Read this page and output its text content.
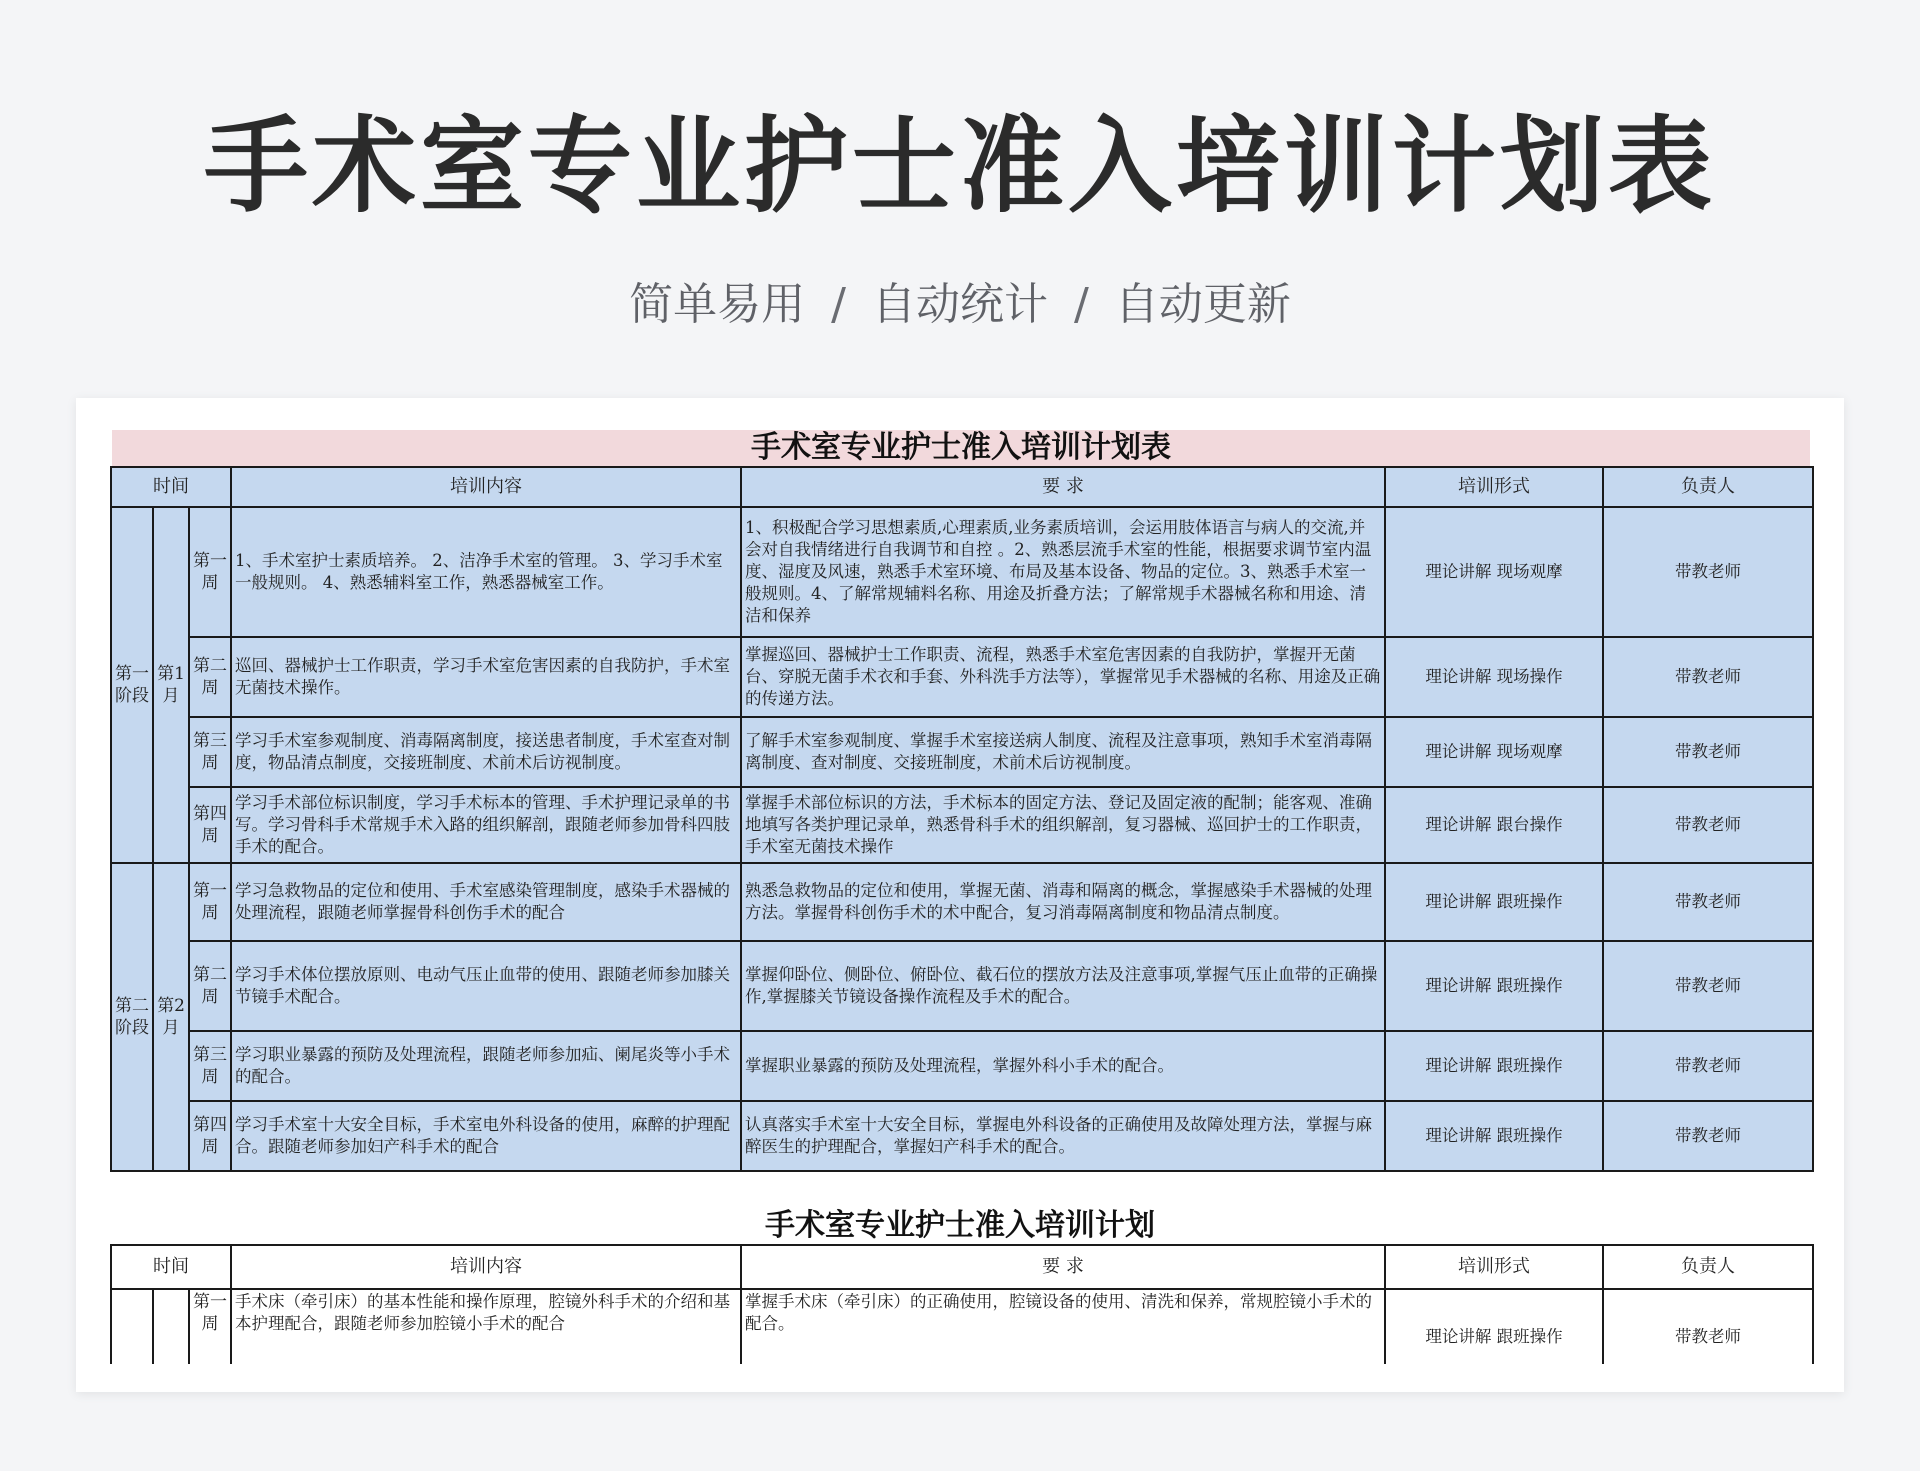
手术室专业护士准入培训计划表
简单易用 / 自动统计 / 自动更新
手术室专业护士准入培训计划表
时间			培训内容	要 求	培训形式	负责人
第一阶段	第1月	第一周	1、手术室护士素质培养。 2、洁净手术室的管理。 3、学习手术室一般规则。 4、熟悉辅料室工作，熟悉器械室工作。	1、积极配合学习思想素质,心理素质,业务素质培训，会运用肢体语言与病人的交流,并会对自我情绪进行自我调节和自控 。2、熟悉层流手术室的性能，根据要求调节室内温度、湿度及风速，熟悉手术室环境、布局及基本设备、物品的定位。3、熟悉手术室一般规则。4、了解常规辅料名称、用途及折叠方法；了解常规手术器械名称和用途、清洁和保养	理论讲解 现场观摩	带教老师
		第二周	巡回、器械护士工作职责，学习手术室危害因素的自我防护，手术室无菌技术操作。	掌握巡回、器械护士工作职责、流程，熟悉手术室危害因素的自我防护，掌握开无菌台、穿脱无菌手术衣和手套、外科洗手方法等），掌握常见手术器械的名称、用途及正确的传递方法。	理论讲解 现场操作	带教老师
		第三周	学习手术室参观制度、消毒隔离制度，接送患者制度，手术室查对制度，物品清点制度，交接班制度、术前术后访视制度。	了解手术室参观制度、掌握手术室接送病人制度、流程及注意事项，熟知手术室消毒隔离制度、查对制度、交接班制度，术前术后访视制度。	理论讲解 现场观摩	带教老师
		第四周	学习手术部位标识制度，学习手术标本的管理、手术护理记录单的书写。学习骨科手术常规手术入路的组织解剖，跟随老师参加骨科四肢手术的配合。	掌握手术部位标识的方法，手术标本的固定方法、登记及固定液的配制；能客观、准确地填写各类护理记录单，熟悉骨科手术的组织解剖，复习器械、巡回护士的工作职责，手术室无菌技术操作	理论讲解 跟台操作	带教老师
第二阶段	第2月	第一周	学习急救物品的定位和使用、手术室感染管理制度，感染手术器械的处理流程，跟随老师掌握骨科创伤手术的配合	熟悉急救物品的定位和使用，掌握无菌、消毒和隔离的概念，掌握感染手术器械的处理方法。掌握骨科创伤手术的术中配合，复习消毒隔离制度和物品清点制度。	理论讲解 跟班操作	带教老师
		第二周	学习手术体位摆放原则、电动气压止血带的使用、跟随老师参加膝关节镜手术配合。	掌握仰卧位、侧卧位、俯卧位、截石位的摆放方法及注意事项,掌握气压止血带的正确操作,掌握膝关节镜设备操作流程及手术的配合。	理论讲解 跟班操作	带教老师
		第三周	学习职业暴露的预防及处理流程，跟随老师参加疝、阑尾炎等小手术的配合。	掌握职业暴露的预防及处理流程，掌握外科小手术的配合。	理论讲解 跟班操作	带教老师
		第四周	学习手术室十大安全目标，手术室电外科设备的使用，麻醉的护理配合。跟随老师参加妇产科手术的配合	认真落实手术室十大安全目标，掌握电外科设备的正确使用及故障处理方法，掌握与麻醉医生的护理配合，掌握妇产科手术的配合。	理论讲解 跟班操作	带教老师
手术室专业护士准入培训计划
时间			培训内容	要 求	培训形式	负责人
		第一周	手术床（牵引床）的基本性能和操作原理，腔镜外科手术的介绍和基本护理配合，跟随老师参加腔镜小手术的配合	掌握手术床（牵引床）的正确使用，腔镜设备的使用、清洗和保养，常规腔镜小手术的配合。	理论讲解 跟班操作	带教老师
